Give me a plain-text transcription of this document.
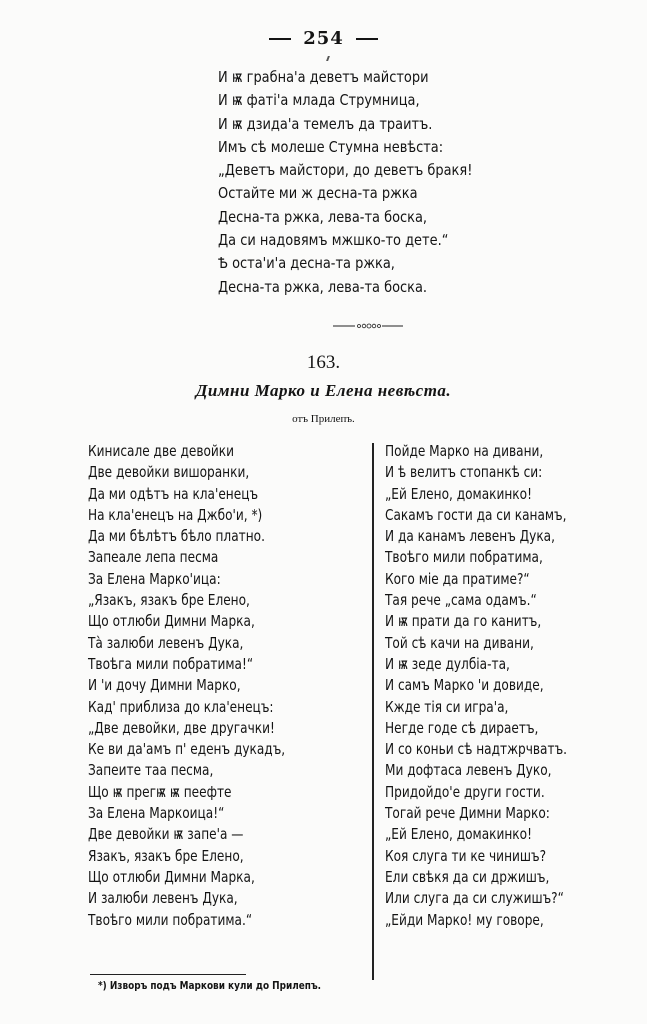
254
И ѭ грабна'а деветъ майстори
И ѭ фаті'а млада Струмница,
И ѭ дзида'а темелъ да траитъ.
Имъ сѣ молеше Стумна невѣста:
„Деветъ майстори, до деветъ бракя!
Остайте ми ж десна-та ржка
Десна-та ржка, лева-та боска,
Да си надовямъ мжшко-то дете.“
Ѣ оста'и'а десна-та ржка,
Десна-та ржка, лева-та боска.
163.
Димни Марко и Елена невѣста.
отъ Прилепъ.
Кинисале две девойки
Две девойки вишоранки,
Да ми одѣтъ на кла'енецъ
На кла'енецъ на Джбо'и, *)
Да ми бѣлѣтъ бѣло платно.
Запеале лепа песма
За Елена Марко'ица:
„Язакъ, язакъ бре Елено,
Що отлюби Димни Марка,
Тà залюби левенъ Дука,
Твоѣга мили побратима!“
И 'и дочу Димни Марко,
Кад' приблиза до кла'енецъ:
„Две девойки, две другачки!
Ке ви да'амъ п' еденъ дукадъ,
Запеите таа песма,
Що ѭ прегѭ ѭ пеефте
За Елена Маркоица!“
Две девойки ѭ запе'а —
Язакъ, язакъ бре Елено,
Що отлюби Димни Марка,
И залюби левенъ Дука,
Твоѣго мили побратима.“
Пойде Марко на дивани,
И ѣ велитъ стопанкѣ си:
„Ей Елено, домакинко!
Сакамъ гости да си канамъ,
И да канамъ левенъ Дука,
Твоѣго мили побратима,
Кого міе да пратиме?“
Тая рече „сама одамъ.“
И ѭ прати да го канитъ,
Той сѣ качи на дивани,
И ѭ зеде дулбіа-та,
И самъ Марко 'и довиде,
Кжде тія си игра'а,
Негде годе сѣ дираетъ,
И со коньи сѣ надтжрчватъ.
Ми дофтаса левенъ Дуко,
Придойдо'е други гости.
Тогай рече Димни Марко:
„Ей Елено, домакинко!
Коя слуга ти ке чинишъ?
Ели свѣкя да си држишъ,
Или слуга да си служишъ?“
„Ейди Марко! му говоре,
*) Изворъ подъ Маркови кули до Прилепъ.
